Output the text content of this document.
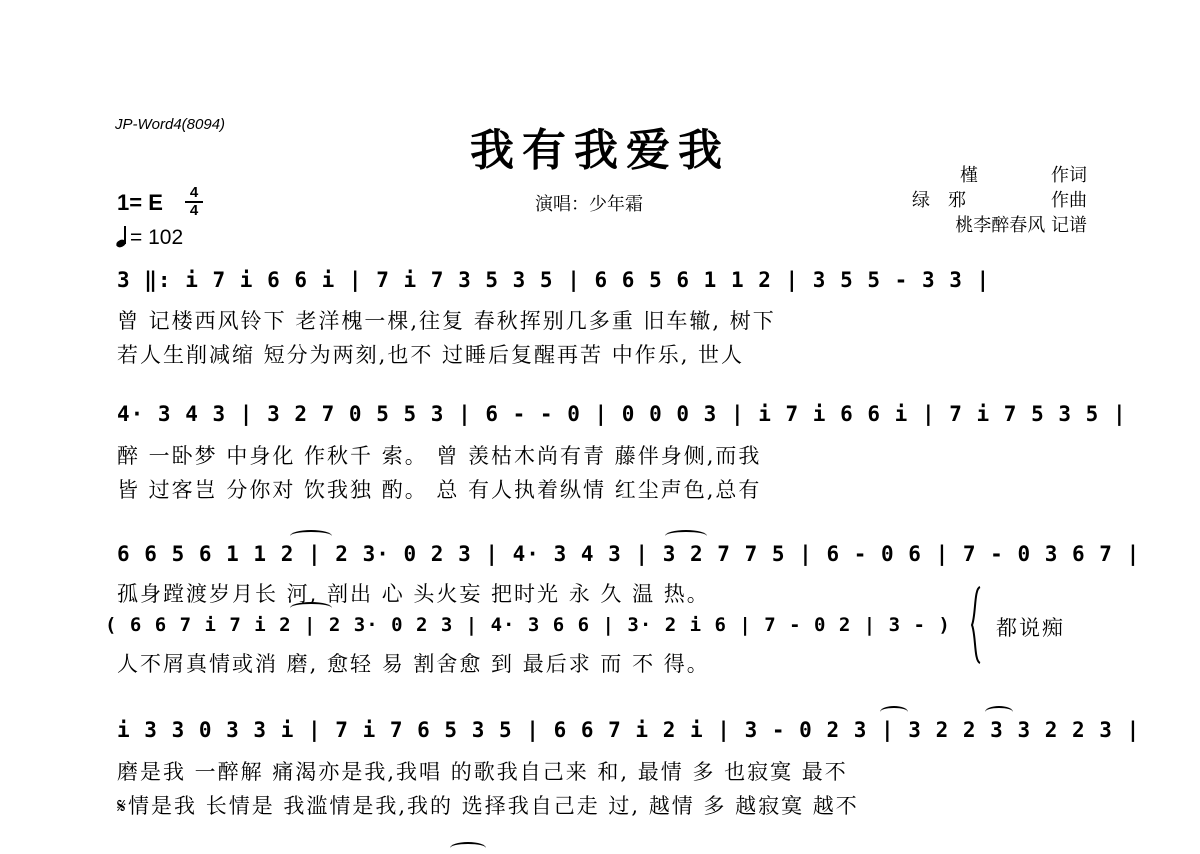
JP-Word4(8094)
我有我爱我
1= E	4
4
= 102
演唱：少年霜
槿	作词
绿　邪	作曲
桃李醉春风 记谱
3 ‖: i 7 i 6 6 i | 7 i 7 3 5 3 5 | 6 6 5 6 1 1 2 | 3 5 5 - 3 3 |
曾 记楼西风铃下 老洋槐一棵,往复 春秋挥别几多重 旧车辙, 树下
若人生削减缩 短分为两刻,也不 过睡后复醒再苦 中作乐, 世人
4· 3 4 3 | 3 2 7 0 5 5 3 | 6 - - 0 | 0 0 0 3 | i 7 i 6 6 i | 7 i 7 5 3 5 |
醉 一卧梦 中身化 作秋千 索。 曾 羡枯木尚有青 藤伴身侧,而我
皆 过客岂 分你对 饮我独 酌。 总 有人执着纵情 红尘声色,总有
6 6 5 6 1 1 2 | 2 3· 0 2 3 | 4· 3 4 3 | 3 2 7 7 5 | 6 - 0 6 | 7 - 0 3 6 7 |
孤身蹚渡岁月长 河, 剖出 心 头火妄 把时光 永 久 温 热。
( 6 6 7 i 7 i 2 | 2 3· 0 2 3 | 4· 3 6 6 | 3· 2 i 6 | 7 - 0 2 | 3 - )
人不屑真情或消 磨, 愈轻 易 割舍愈 到 最后求 而 不 得。
都说痴
i 3 3 0 3 3 i | 7 i 7 6 5 3 5 | 6 6 7 i 2 i | 3 - 0 2 3 | 3 2 2 3 3 2 2 3 |
磨是我 一醉解 痛渴亦是我,我唱 的歌我自己来 和, 最情 多 也寂寞 最不
𝄋情是我 长情是 我滥情是我,我的 选择我自己走 过, 越情 多 越寂寞 越不
